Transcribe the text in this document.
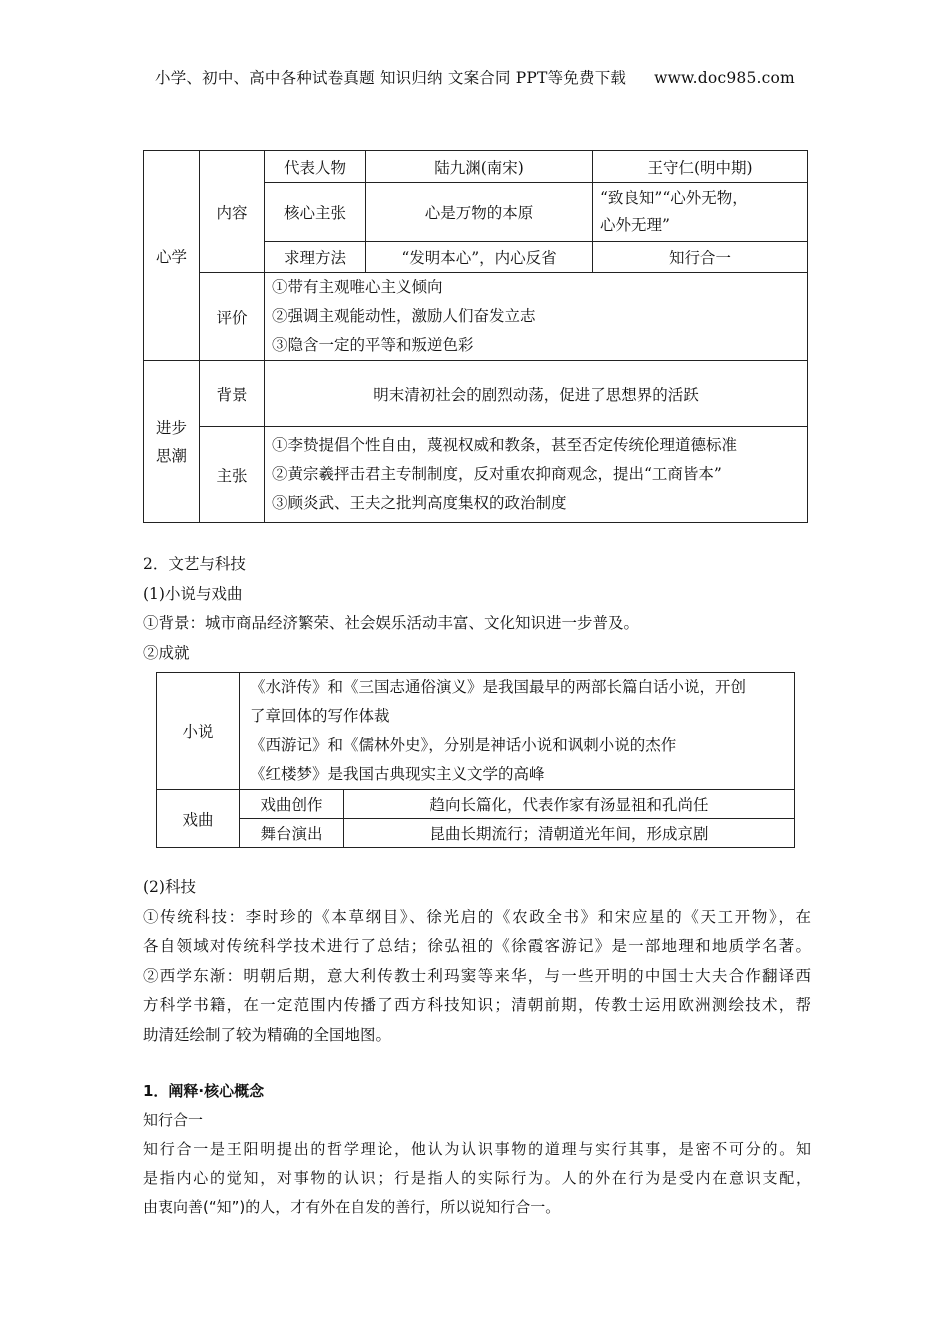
小学、初中、高中各种试卷真题 知识归纳 文案合同 PPT等免费下载 www.doc985.com
心学	内容	代表人物	陆九渊(南宋)	王守仁(明中期)
		核心主张	心是万物的本原	“致良知”“心外无物，
心外无理”

		求理方法	“发明本心”，内心反省	知行合一
	评价	①带有主观唯心主义倾向
②强调主观能动性，激励人们奋发立志
③隐含一定的平等和叛逆色彩		

进步
思潮	背景	明末清初社会的剧烈动荡，促进了思想界的活跃		
	主张	①李贽提倡个性自由，蔑视权威和教条，甚至否定传统伦理道德标准
②黄宗羲抨击君主专制制度，反对重农抑商观念，提出“工商皆本”
③顾炎武、王夫之批判高度集权的政治制度		
2．文艺与科技
(1)小说与戏曲
①背景：城市商品经济繁荣、社会娱乐活动丰富、文化知识进一步普及。
②成就
小说	《水浒传》和《三国志通俗演义》是我国最早的两部长篇白话小说，开创
了章回体的写作体裁
《西游记》和《儒林外史》，分别是神话小说和讽刺小说的杰作
《红楼梦》是我国古典现实主义文学的高峰	

戏曲	戏曲创作	趋向长篇化，代表作家有汤显祖和孔尚任
	舞台演出	昆曲长期流行；清朝道光年间，形成京剧
(2)科技
①传统科技：李时珍的《本草纲目》、徐光启的《农政全书》和宋应星的《天工开物》，在
各自领域对传统科学技术进行了总结；徐弘祖的《徐霞客游记》是一部地理和地质学名著。
②西学东渐：明朝后期，意大利传教士利玛窦等来华，与一些开明的中国士大夫合作翻译西
方科学书籍，在一定范围内传播了西方科技知识；清朝前期，传教士运用欧洲测绘技术，帮
助清廷绘制了较为精确的全国地图。
1．阐释·核心概念
知行合一
知行合一是王阳明提出的哲学理论，他认为认识事物的道理与实行其事，是密不可分的。知
是指内心的觉知，对事物的认识；行是指人的实际行为。人的外在行为是受内在意识支配，
由衷向善(“知”)的人，才有外在自发的善行，所以说知行合一。
